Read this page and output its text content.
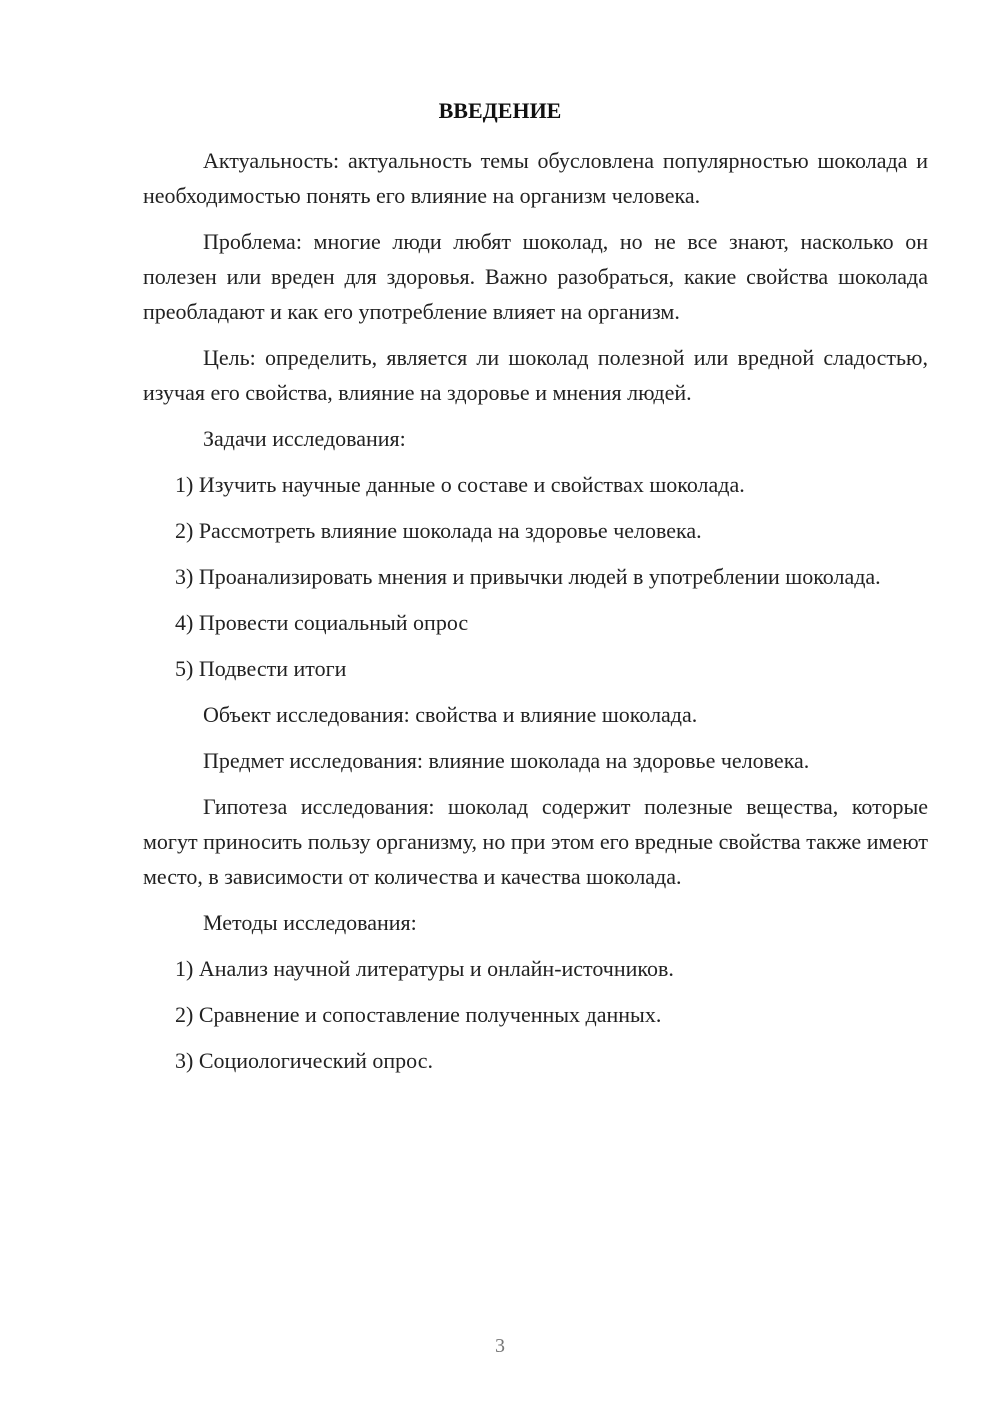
ВВЕДЕНИЕ

Актуальность: актуальность темы обусловлена популярностью шоколада и необходимостью понять его влияние на организм человека.

Проблема: многие люди любят шоколад, но не все знают, насколько он полезен или вреден для здоровья. Важно разобраться, какие свойства шоколада преобладают и как его употребление влияет на организм.

Цель: определить, является ли шоколад полезной или вредной сладостью, изучая его свойства, влияние на здоровье и мнения людей.

Задачи исследования:

1) Изучить научные данные о составе и свойствах шоколада.

2) Рассмотреть влияние шоколада на здоровье человека.

3) Проанализировать мнения и привычки людей в употреблении шоколада.

4) Провести социальный опрос

5) Подвести итоги

Объект исследования: свойства и влияние шоколада.

Предмет исследования: влияние шоколада на здоровье человека.

Гипотеза исследования: шоколад содержит полезные вещества, которые могут приносить пользу организму, но при этом его вредные свойства также имеют место, в зависимости от количества и качества шоколада.

Методы исследования:

1) Анализ научной литературы и онлайн-источников.

2) Сравнение и сопоставление полученных данных.

3) Социологический опрос.

3
